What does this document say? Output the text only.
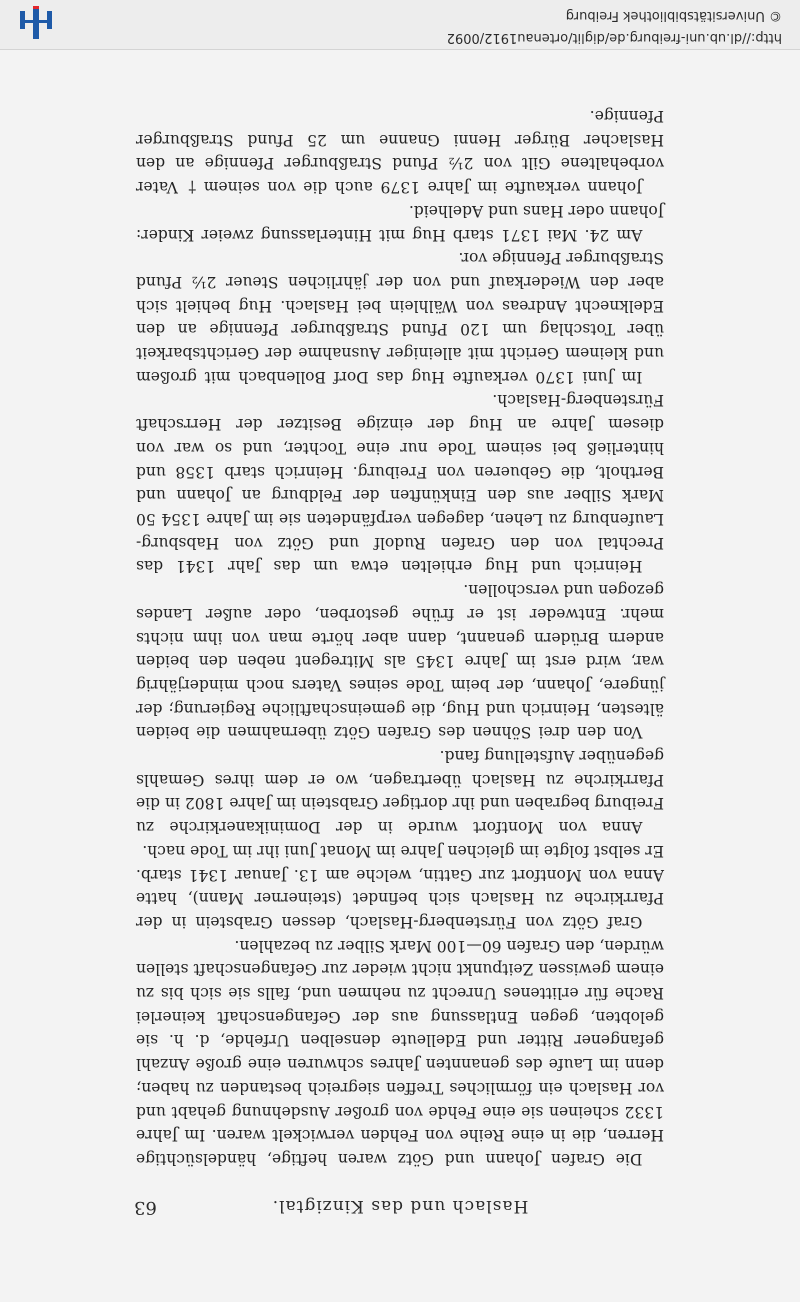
Haslach und das Kinzigtal.
63

Die Grafen Johann und Götz waren heftige, händelsüchtige Herren, die in eine Reihe von Fehden verwickelt waren. Im Jahre 1332 scheinen sie eine Fehde von großer Ausdehnung gehabt und vor Haslach ein förmliches Treffen siegreich bestanden zu haben; denn im Laufe des genannten Jahres schwuren eine große Anzahl gefangener Ritter und Edelleute denselben Urfehde, d. h. sie gelobten, gegen Entlassung aus der Gefangenschaft keinerlei Rache für erlittenes Unrecht zu nehmen und, falls sie sich bis zu einem gewissen Zeitpunkt nicht wieder zur Gefangenschaft stellen würden, den Grafen 60—100 Mark Silber zu bezahlen.

Graf Götz von Fürstenberg-Haslach, dessen Grabstein in der Pfarrkirche zu Haslach sich befindet (steinerner Mann), hatte Anna von Montfort zur Gattin, welche am 13. Januar 1341 starb. Er selbst folgte im gleichen Jahre im Monat Juni ihr im Tode nach.

Anna von Montfort wurde in der Dominikanerkirche zu Freiburg begraben und ihr dortiger Grabstein im Jahre 1802 in die Pfarrkirche zu Haslach übertragen, wo er dem ihres Gemahls gegenüber Aufstellung fand.

Von den drei Söhnen des Grafen Götz übernahmen die beiden ältesten, Heinrich und Hug, die gemeinschaftliche Regierung; der jüngere, Johann, der beim Tode seines Vaters noch minderjährig war, wird erst im Jahre 1345 als Mitregent neben den beiden andern Brüdern genannt, dann aber hörte man von ihm nichts mehr. Entweder ist er frühe gestorben, oder außer Landes gezogen und verschollen.

Heinrich und Hug erhielten etwa um das Jahr 1341 das Prechtal von den Grafen Rudolf und Götz von Habsburg-Laufenburg zu Lehen, dagegen verpfändeten sie im Jahre 1354 50 Mark Silber aus den Einkünften der Feldburg an Johann und Bertholt, die Gebueren von Freiburg. Heinrich starb 1358 und hinterließ bei seinem Tode nur eine Tochter, und so war von diesem Jahre an Hug der einzige Besitzer der Herrschaft Fürstenberg-Haslach.

Im Juni 1370 verkaufte Hug das Dorf Bollenbach mit großem und kleinem Gericht mit alleiniger Ausnahme der Gerichtsbarkeit über Totschlag um 120 Pfund Straßburger Pfennige an den Edelknecht Andreas von Wälhlein bei Haslach. Hug behielt sich aber den Wiederkauf und von der jährlichen Steuer 2½ Pfund Straßburger Pfennige vor.

Am 24. Mai 1371 starb Hug mit Hinterlassung zweier Kinder: Johann oder Hans und Adelheid.

Johann verkaufte im Jahre 1379 auch die von seinem † Vater vorbehaltene Gilt von 2½ Pfund Straßburger Pfennige an den Haslacher Bürger Henni Gnanne um 25 Pfund Straßburger Pfennige.

http://dl.ub.uni-freiburg.de/diglit/ortenau1912/0092
© Universitätsbibliothek Freiburg
